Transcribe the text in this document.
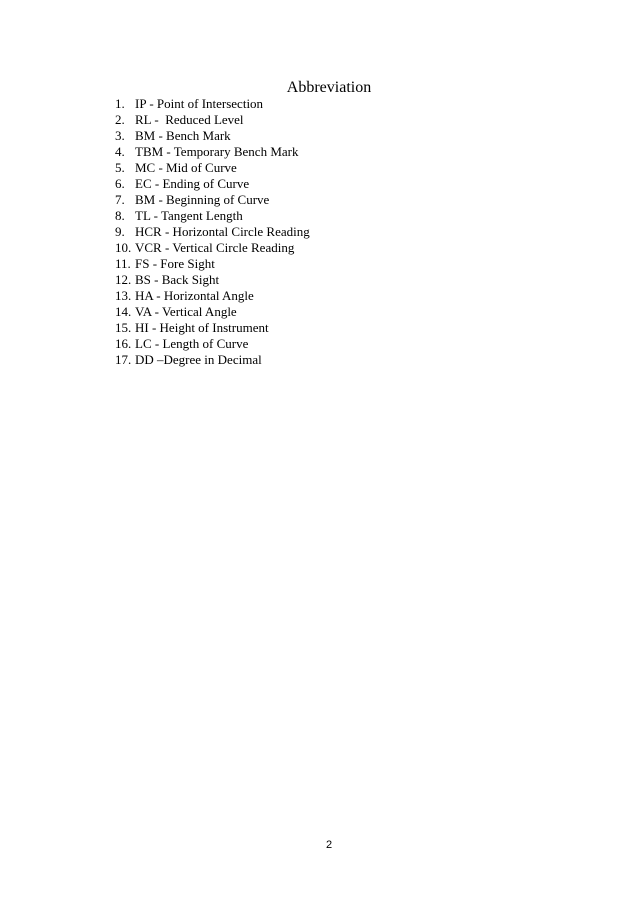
Abbreviation
1. IP - Point of Intersection
2. RL -  Reduced Level
3. BM - Bench Mark
4. TBM - Temporary Bench Mark
5. MC - Mid of Curve
6. EC - Ending of Curve
7. BM - Beginning of Curve
8. TL - Tangent Length
9. HCR - Horizontal Circle Reading
10. VCR - Vertical Circle Reading
11. FS - Fore Sight
12. BS - Back Sight
13. HA - Horizontal Angle
14. VA - Vertical Angle
15. HI - Height of Instrument
16. LC - Length of Curve
17. DD –Degree in Decimal

2
